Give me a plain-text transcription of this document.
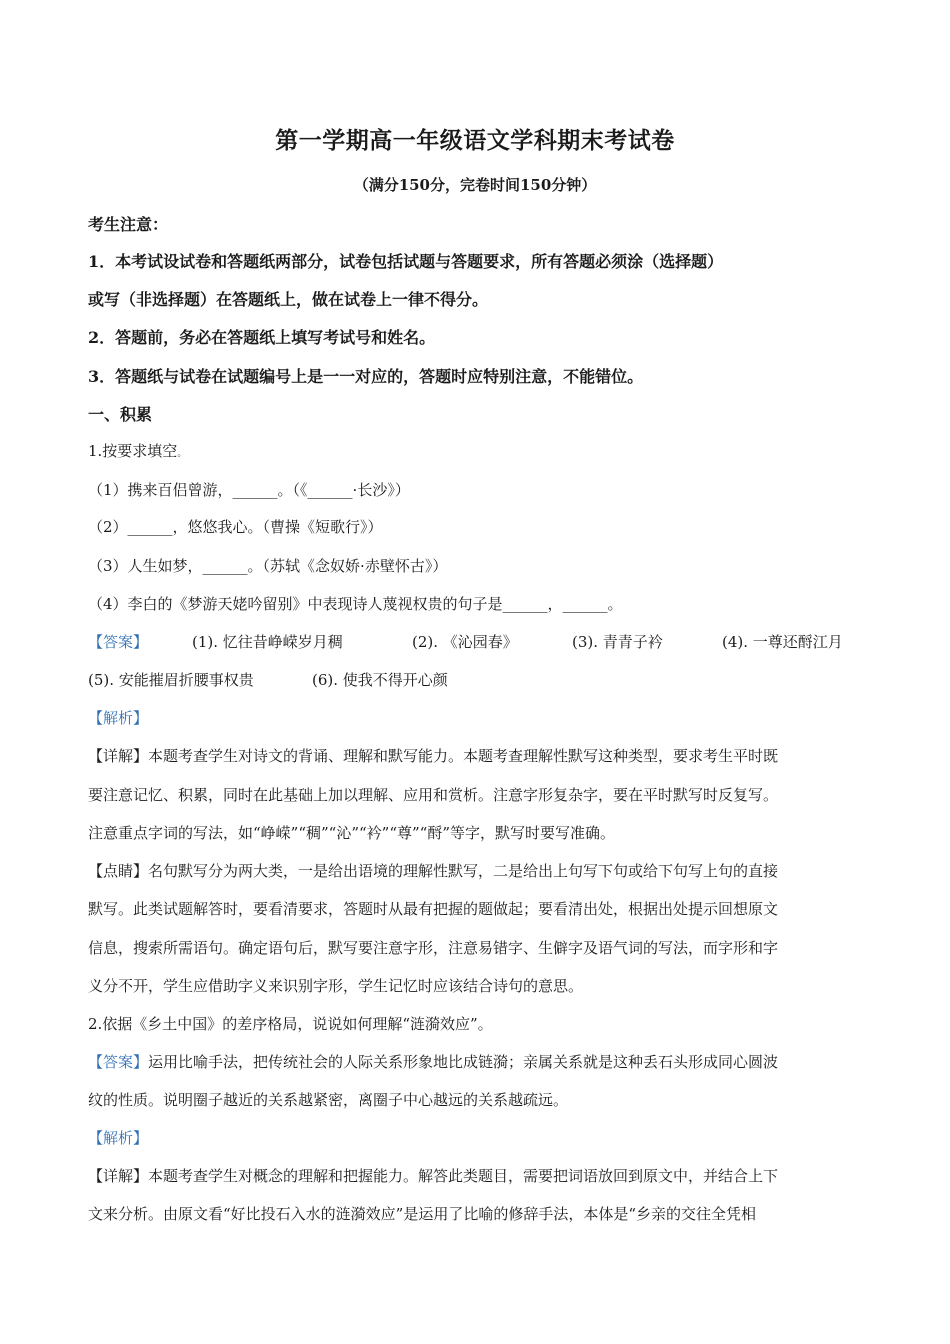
第一学期高一年级语文学科期末考试卷
（满分150分，完卷时间150分钟）
考生注意：
1．本考试设试卷和答题纸两部分，试卷包括试题与答题要求，所有答题必须涂（选择题）
或写（非选择题）在答题纸上，做在试卷上一律不得分。
2．答题前，务必在答题纸上填写考试号和姓名。
3．答题纸与试卷在试题编号上是一一对应的，答题时应特别注意，不能错位。
一、积累
1.按要求填空。
（1）携来百侣曾游，______。（《______·长沙》）
（2）______，悠悠我心。（曹操《短歌行》）
（3）人生如梦，______。（苏轼《念奴娇·赤壁怀古》）
（4）李白的《梦游天姥吟留别》中表现诗人蔑视权贵的句子是______，______。
【答案】	(1). 忆往昔峥嵘岁月稠	(2). 《沁园春》	(3). 青青子衿	(4). 一尊还酹江月
(5). 安能摧眉折腰事权贵	(6). 使我不得开心颜
【解析】
【详解】本题考查学生对诗文的背诵、理解和默写能力。本题考查理解性默写这种类型，要求考生平时既
要注意记忆、积累，同时在此基础上加以理解、应用和赏析。注意字形复杂字，要在平时默写时反复写。
注意重点字词的写法，如“峥嵘”“稠”“沁”“衿”“尊”“酹”等字，默写时要写准确。
【点睛】名句默写分为两大类，一是给出语境的理解性默写，二是给出上句写下句或给下句写上句的直接
默写。此类试题解答时，要看清要求，答题时从最有把握的题做起；要看清出处，根据出处提示回想原文
信息，搜索所需语句。确定语句后，默写要注意字形，注意易错字、生僻字及语气词的写法，而字形和字
义分不开，学生应借助字义来识别字形，学生记忆时应该结合诗句的意思。
2.依据《乡土中国》的差序格局，说说如何理解“涟漪效应”。
【答案】运用比喻手法，把传统社会的人际关系形象地比成链漪；亲属关系就是这种丢石头形成同心圆波
纹的性质。说明圈子越近的关系越紧密，离圈子中心越远的关系越疏远。
【解析】
【详解】本题考查学生对概念的理解和把握能力。解答此类题目，需要把词语放回到原文中，并结合上下
文来分析。由原文看“好比投石入水的涟漪效应”是运用了比喻的修辞手法，本体是“乡亲的交往全凭相
